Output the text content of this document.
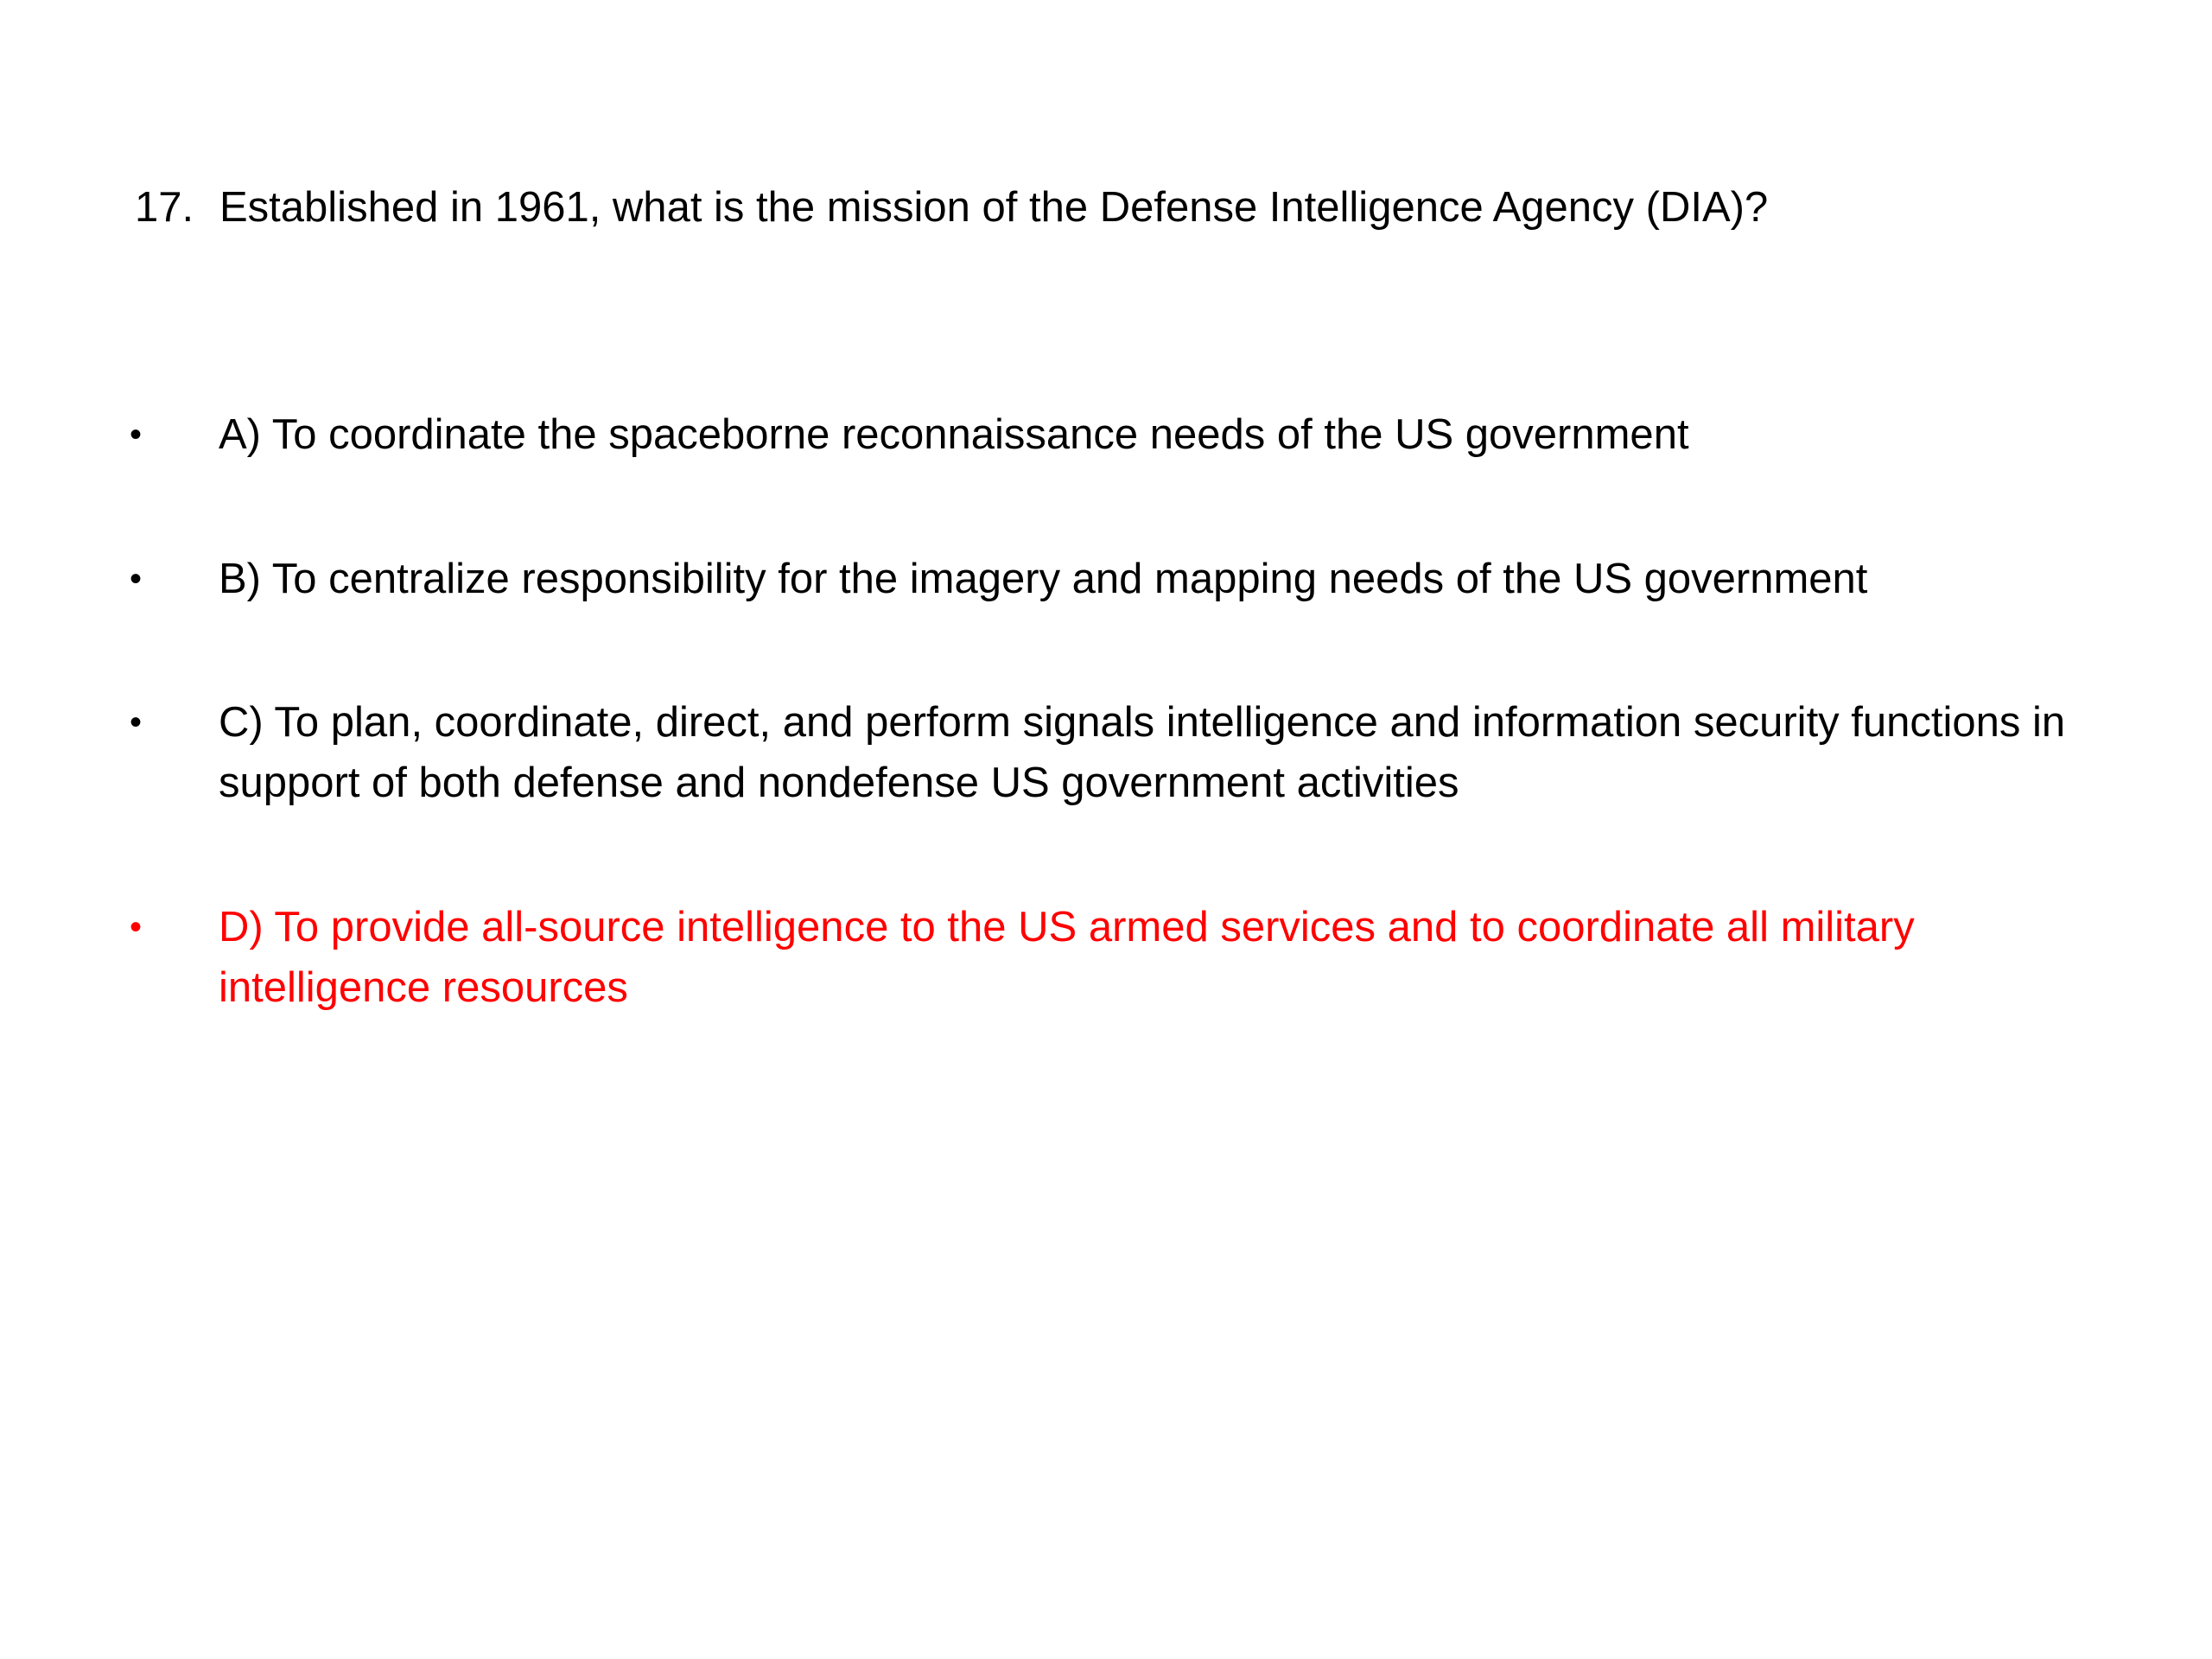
17. Established in 1961, what is the mission of the Defense Intelligence Agency (DIA)?
•	A) To coordinate the spaceborne reconnaissance needs of the US government
•	B) To centralize responsibility for the imagery and mapping needs of the US government
•	C) To plan, coordinate, direct, and perform signals intelligence and information security functions in support of both defense and nondefense US government activities
•	D) To provide all-source intelligence to the US armed services and to coordinate all military intelligence resources
